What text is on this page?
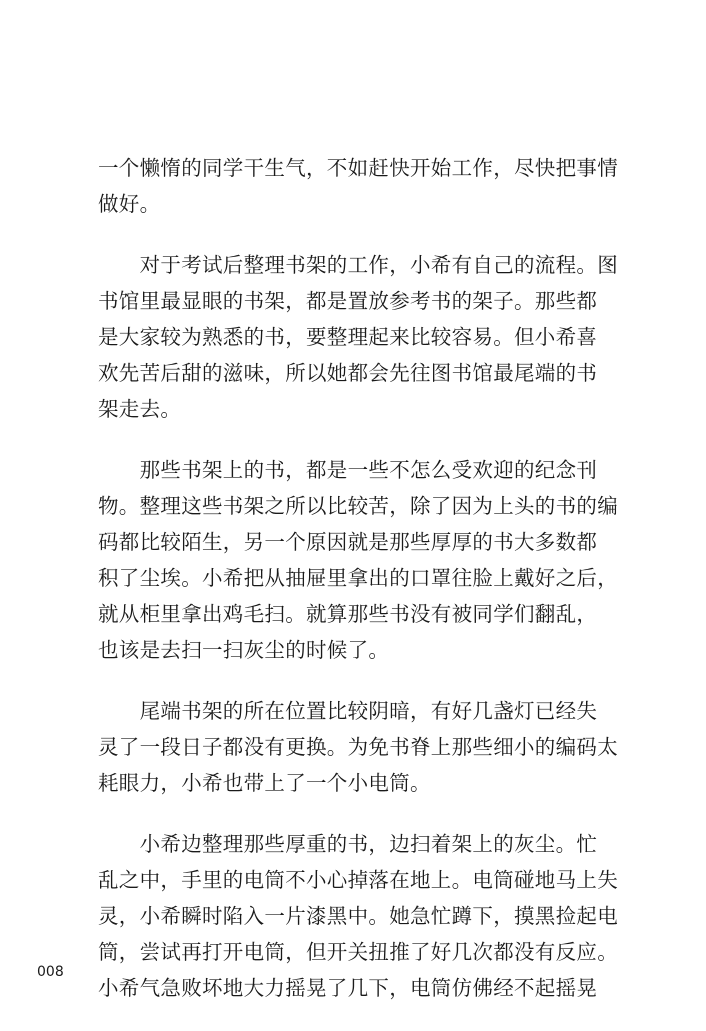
一个懒惰的同学干生气，不如赶快开始工作，尽快把事情
做好。

　　对于考试后整理书架的工作，小希有自己的流程。图
书馆里最显眼的书架，都是置放参考书的架子。那些都
是大家较为熟悉的书，要整理起来比较容易。但小希喜
欢先苦后甜的滋味，所以她都会先往图书馆最尾端的书
架走去。

　　那些书架上的书，都是一些不怎么受欢迎的纪念刊
物。整理这些书架之所以比较苦，除了因为上头的书的编
码都比较陌生，另一个原因就是那些厚厚的书大多数都
积了尘埃。小希把从抽屉里拿出的口罩往脸上戴好之后，
就从柜里拿出鸡毛扫。就算那些书没有被同学们翻乱，
也该是去扫一扫灰尘的时候了。

　　尾端书架的所在位置比较阴暗，有好几盏灯已经失
灵了一段日子都没有更换。为免书脊上那些细小的编码太
耗眼力，小希也带上了一个小电筒。

　　小希边整理那些厚重的书，边扫着架上的灰尘。忙
乱之中，手里的电筒不小心掉落在地上。电筒碰地马上失
灵，小希瞬时陷入一片漆黑中。她急忙蹲下，摸黑捡起电
筒，尝试再打开电筒，但开关扭推了好几次都没有反应。
小希气急败坏地大力摇晃了几下，电筒仿佛经不起摇晃

008
